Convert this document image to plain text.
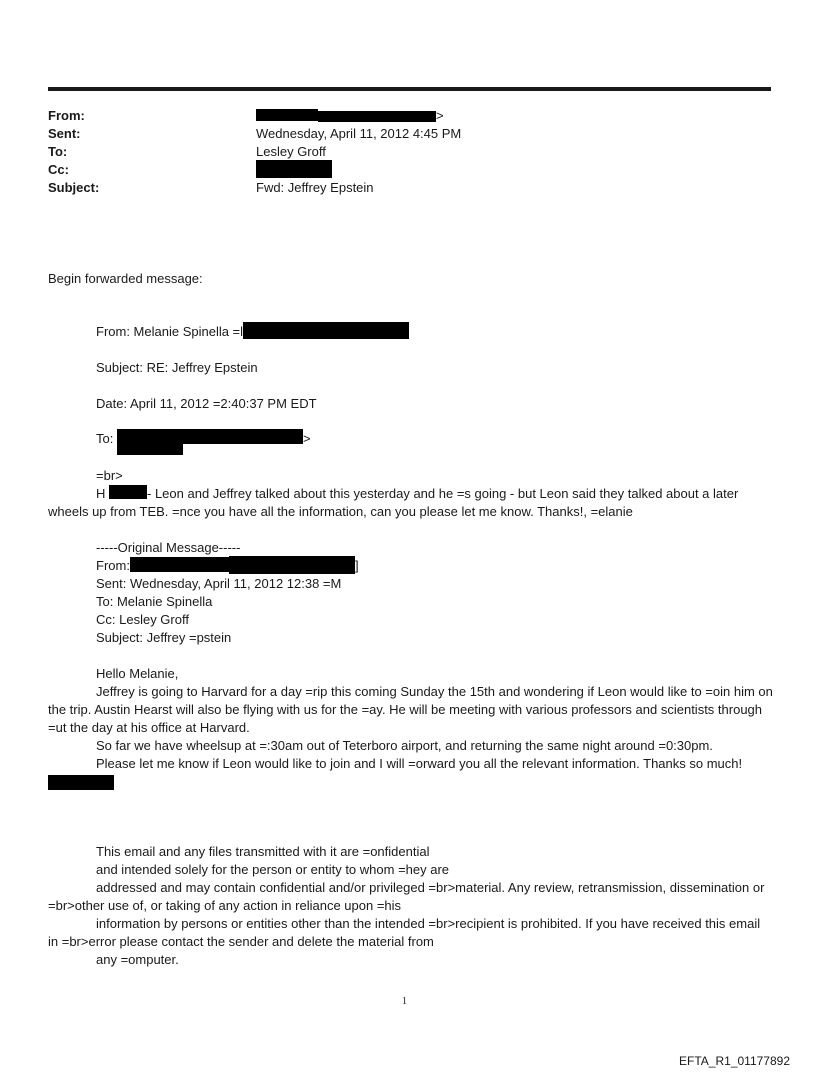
From:	>
Sent:	Wednesday, April 11, 2012 4:45 PM
To:	Lesley Groff
Cc:
Subject:	Fwd: Jeffrey Epstein
Begin forwarded message:
From: Melanie Spinella =l
Subject: RE: Jeffrey Epstein
Date: April 11, 2012 =2:40:37 PM EDT
To:	>
=br>
H	- Leon and Jeffrey talked about this yesterday and he =s going - but Leon said they talked about a later
wheels up from TEB. =nce you have all the information, can you please let me know. Thanks!, =elanie
-----Original Message-----
From:	]
Sent: Wednesday, April 11, 2012 12:38 =M
To: Melanie Spinella
Cc: Lesley Groff
Subject: Jeffrey =pstein
Hello Melanie,

Jeffrey is going to Harvard for a day =rip this coming Sunday the 15th and wondering if Leon would like to =oin him on the trip. Austin Hearst will also be flying with us for the =ay. He will be meeting with various professors and scientists through =ut the day at his office at Harvard.

So far we have wheelsup at =:30am out of Teterboro airport, and returning the same night around =0:30pm.

Please let me know if Leon would like to join and I will =orward you all the relevant information. Thanks so much!

This email and any files transmitted with it are =onfidential

and intended solely for the person or entity to whom =hey are

addressed and may contain confidential and/or privileged =br>material. Any review, retransmission, dissemination or =br>other use of, or taking of any action in reliance upon =his

information by persons or entities other than the intended =br>recipient is prohibited. If you have received this email in =br>error please contact the sender and delete the material from

any =omputer.

1
EFTA_R1_01177892
